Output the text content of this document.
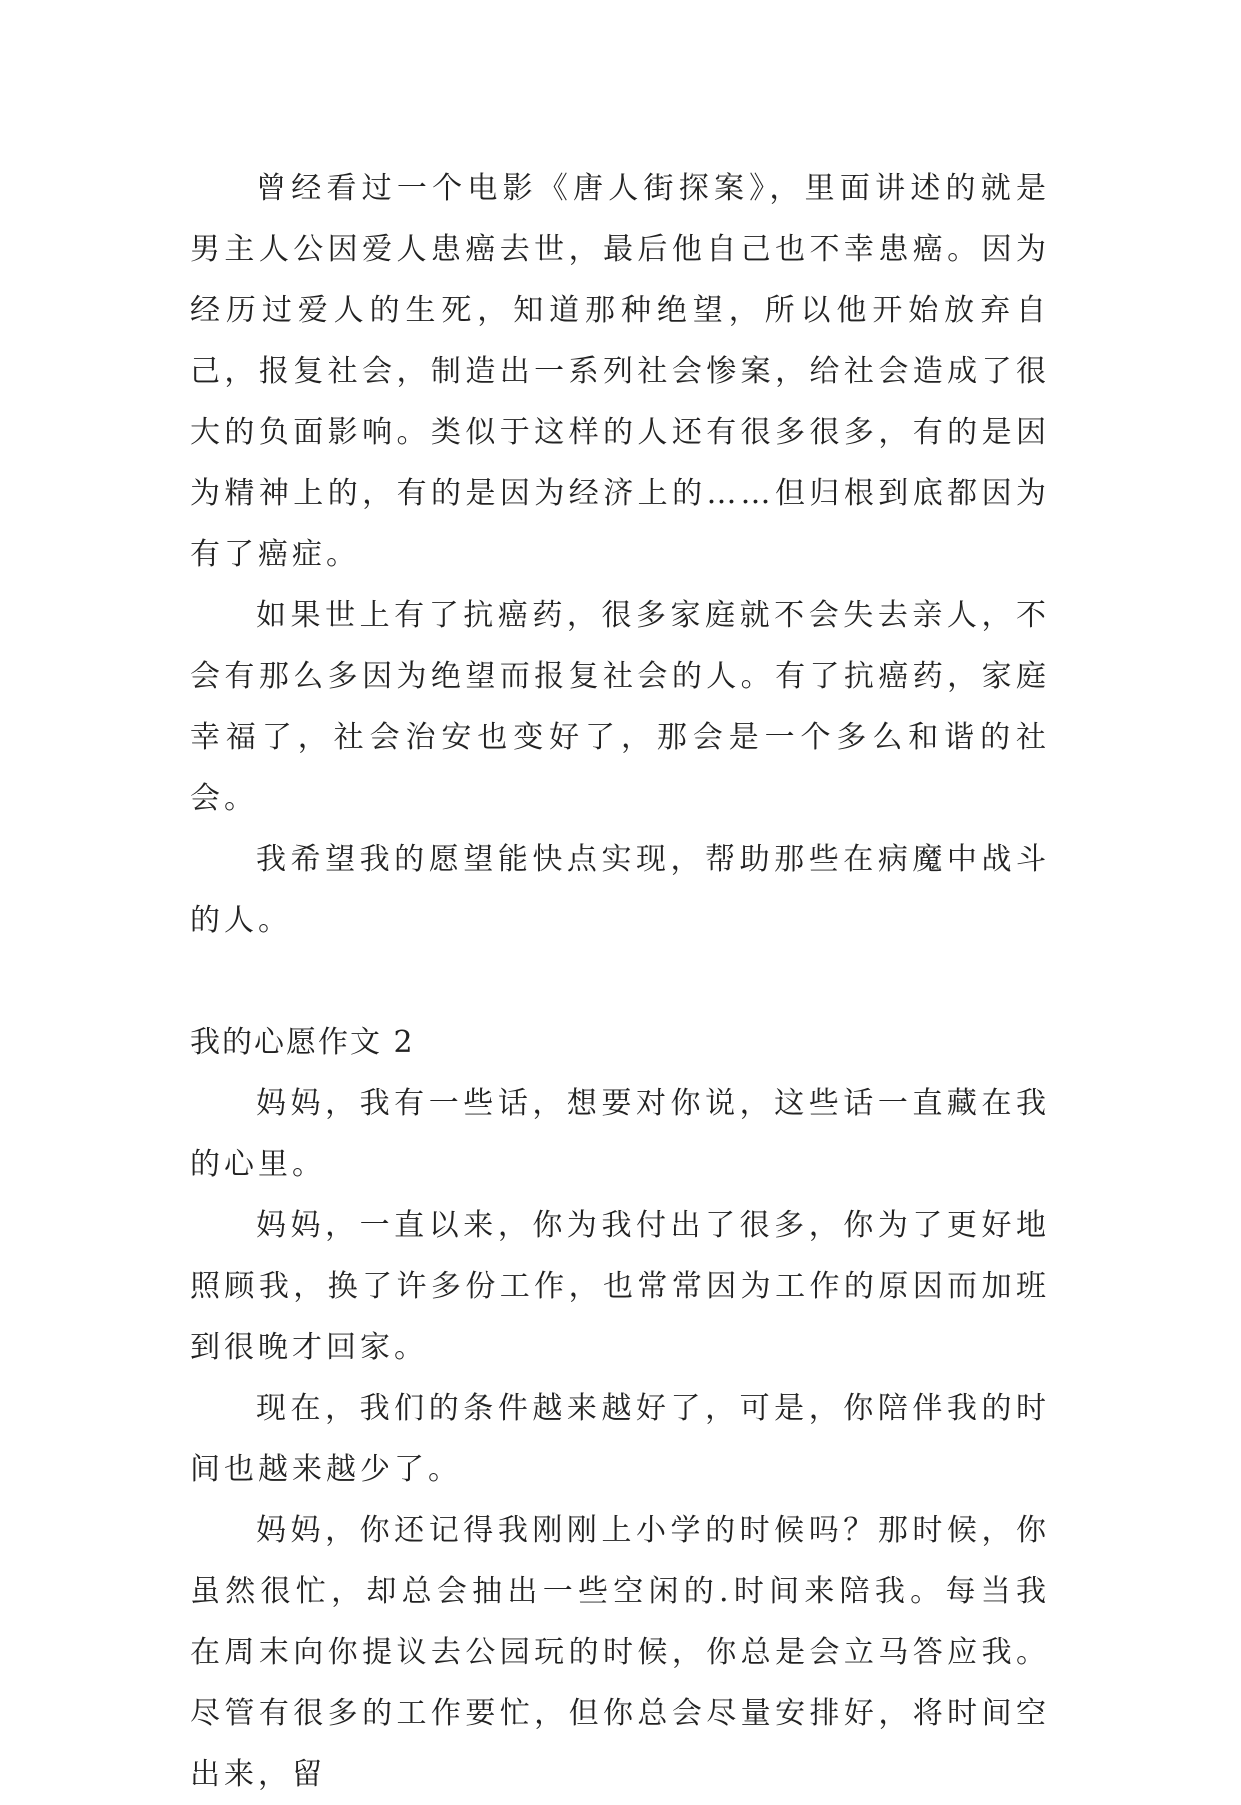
曾经看过一个电影《唐人街探案》，里面讲述的就是男主人公因爱人患癌去世，最后他自己也不幸患癌。因为经历过爱人的生死，知道那种绝望，所以他开始放弃自己，报复社会，制造出一系列社会惨案，给社会造成了很大的负面影响。类似于这样的人还有很多很多，有的是因为精神上的，有的是因为经济上的……但归根到底都因为有了癌症。

如果世上有了抗癌药，很多家庭就不会失去亲人，不会有那么多因为绝望而报复社会的人。有了抗癌药，家庭幸福了，社会治安也变好了，那会是一个多么和谐的社会。

我希望我的愿望能快点实现，帮助那些在病魔中战斗的人。

我的心愿作文 2

妈妈，我有一些话，想要对你说，这些话一直藏在我的心里。

妈妈，一直以来，你为我付出了很多，你为了更好地照顾我，换了许多份工作，也常常因为工作的原因而加班到很晚才回家。

现在，我们的条件越来越好了，可是，你陪伴我的时间也越来越少了。

妈妈，你还记得我刚刚上小学的时候吗？那时候，你虽然很忙，却总会抽出一些空闲的.时间来陪我。每当我在周末向你提议去公园玩的时候，你总是会立马答应我。尽管有很多的工作要忙，但你总会尽量安排好，将时间空出来，留
